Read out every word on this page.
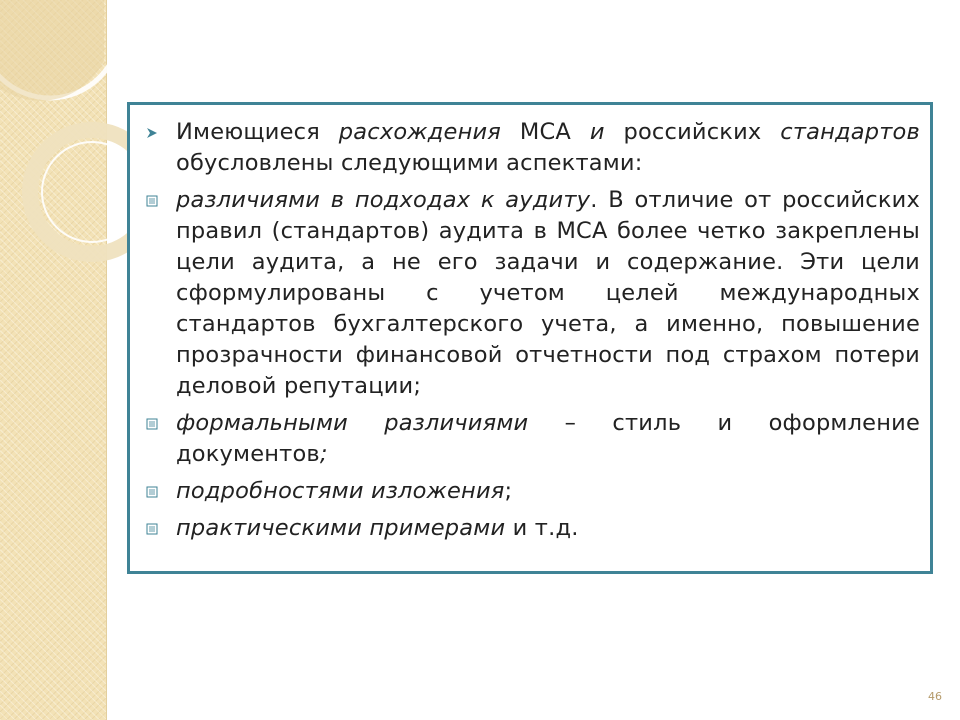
Имеющиеся расхождения МСА и российских стандартов обусловлены следующими аспектами:
различиями в подходах к аудиту. В отличие от российских правил (стандартов) аудита в МСА более четко закреплены цели аудита, а не его задачи и содержание. Эти цели сформулированы с учетом целей международных стандартов бухгалтерского учета, а именно, повышение прозрачности финансовой отчетности под страхом потери деловой репутации;
формальными различиями – стиль и оформление документов;
подробностями изложения;
практическими примерами и т.д.
46
